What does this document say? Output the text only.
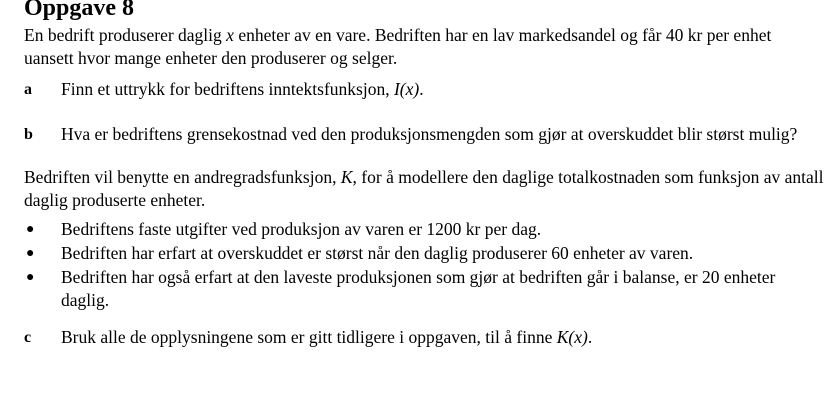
Oppgave 8

En bedrift produserer daglig x enheter av en vare. Bedriften har en lav markedsandel og får 40 kr per enhet uansett hvor mange enheter den produserer og selger.

a	Finn et uttrykk for bedriftens inntektsfunksjon, I(x).
b	Hva er bedriftens grensekostnad ved den produksjonsmengden som gjør at overskuddet blir størst mulig?

Bedriften vil benytte en andregradsfunksjon, K, for å modellere den daglige totalkostnaden som funksjon av antall daglig produserte enheter.

●	Bedriftens faste utgifter ved produksjon av varen er 1200 kr per dag.
●	Bedriften har erfart at overskuddet er størst når den daglig produserer 60 enheter av varen.
●	Bedriften har også erfart at den laveste produksjonen som gjør at bedriften går i balanse, er 20 enheter daglig.
c	Bruk alle de opplysningene som er gitt tidligere i oppgaven, til å finne K(x).
